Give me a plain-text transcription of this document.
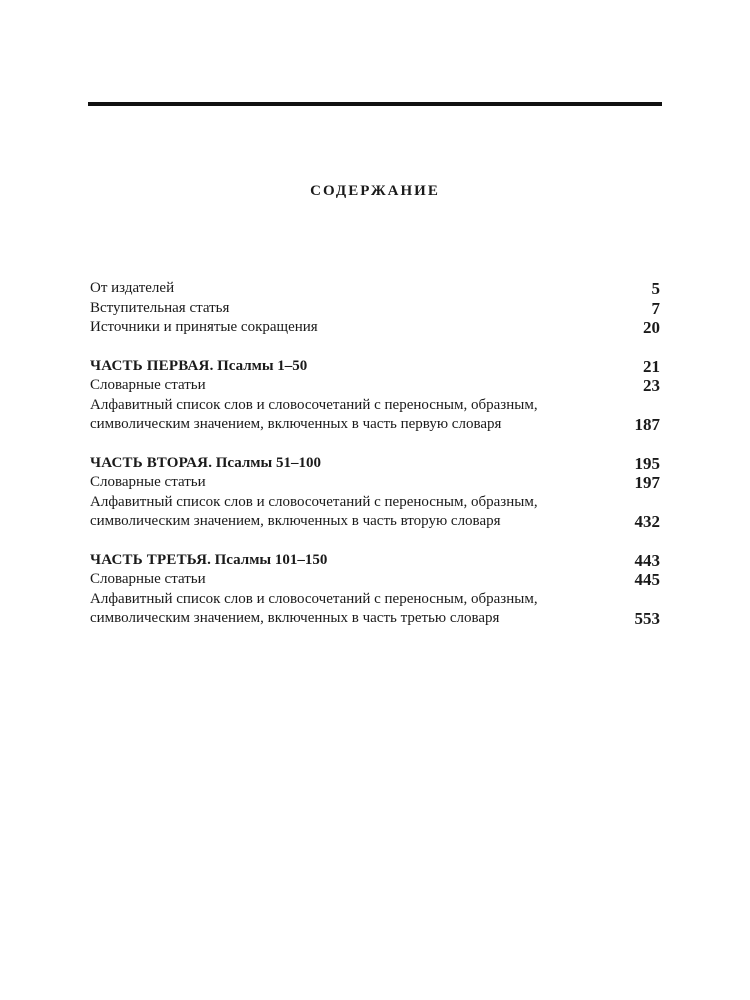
СОДЕРЖАНИЕ
От издателей	5
Вступительная статья	7
Источники и принятые сокращения	20
ЧАСТЬ ПЕРВАЯ. Псалмы 1–50	21
Словарные статьи	23
Алфавитный список слов и словосочетаний с переносным, образным,
символическим значением, включенных в часть первую словаря	187
ЧАСТЬ ВТОРАЯ. Псалмы 51–100	195
Словарные статьи	197
Алфавитный список слов и словосочетаний с переносным, образным,
символическим значением, включенных в часть вторую словаря	432
ЧАСТЬ ТРЕТЬЯ. Псалмы 101–150	443
Словарные статьи	445
Алфавитный список слов и словосочетаний с переносным, образным,
символическим значением, включенных в часть третью словаря	553
